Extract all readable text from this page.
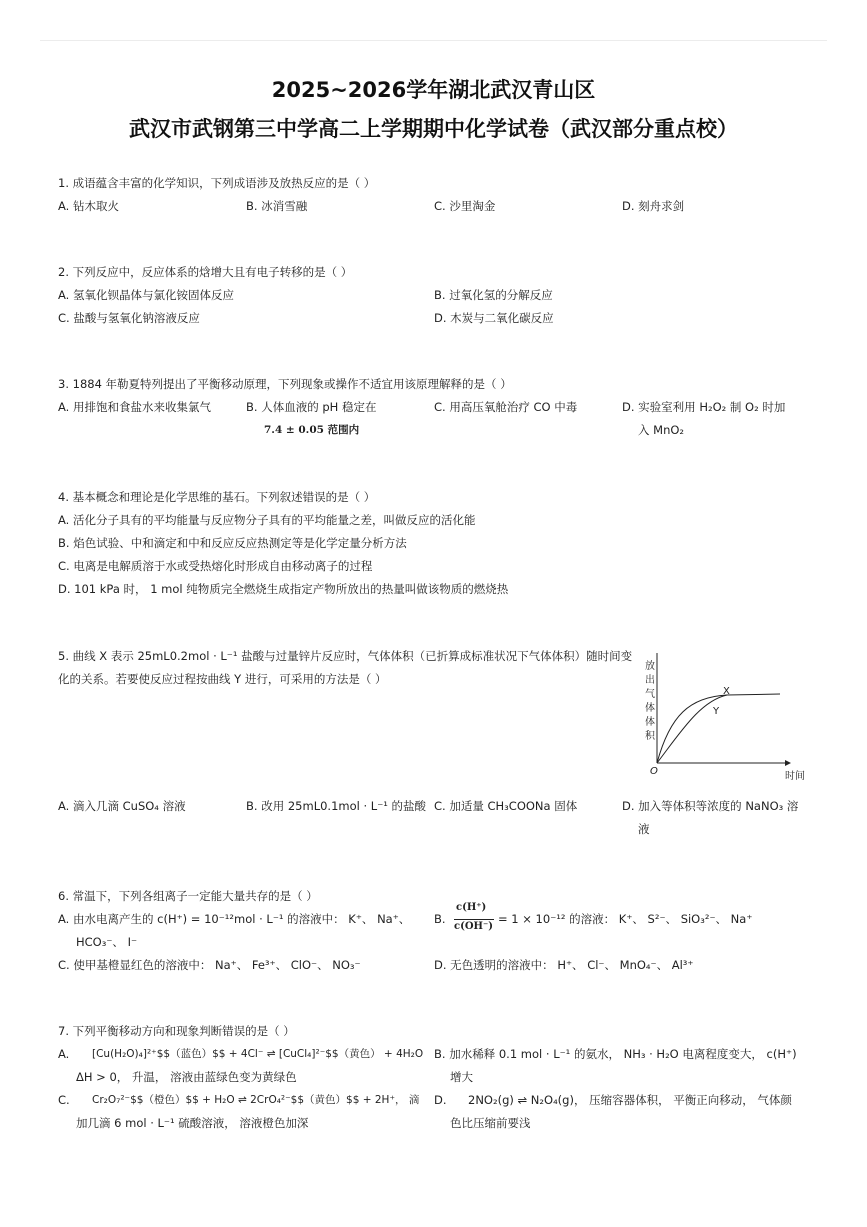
2025~2026学年湖北武汉青山区
武汉市武钢第三中学高二上学期期中化学试卷（武汉部分重点校）
1. 成语蕴含丰富的化学知识，下列成语涉及放热反应的是（ ）
A. 钻木取火	B. 冰消雪融	C. 沙里淘金	D. 刻舟求剑
2. 下列反应中，反应体系的焓增大且有电子转移的是（ ）
A. 氢氧化钡晶体与氯化铵固体反应	B. 过氧化氢的分解反应
C. 盐酸与氢氧化钠溶液反应	D. 木炭与二氧化碳反应
3. 1884 年勒夏特列提出了平衡移动原理，下列现象或操作不适宜用该原理解释的是（ ）
A. 用排饱和食盐水来收集氯气	B. 人体血液的 pH 稳定在
7.4 ± 0.05 范围内
C. 用高压氧舱治疗 CO 中毒	D. 实验室利用 H₂O₂ 制 O₂ 时加
入 MnO₂
4. 基本概念和理论是化学思维的基石。下列叙述错误的是（ ）
A. 活化分子具有的平均能量与反应物分子具有的平均能量之差，叫做反应的活化能
B. 焰色试验、中和滴定和中和反应反应热测定等是化学定量分析方法
C. 电离是电解质溶于水或受热熔化时形成自由移动离子的过程
D. 101 kPa 时， 1 mol 纯物质完全燃烧生成指定产物所放出的热量叫做该物质的燃烧热
5. 曲线 X 表示 25mL0.2mol · L⁻¹ 盐酸与过量锌片反应时，气体体积（已折算成标准状况下气体体积）随时间变
化的关系。若要使反应过程按曲线 Y 进行，可采用的方法是（ ）
放
出
气
体
体
积
O	时间
X
Y
A. 滴入几滴 CuSO₄ 溶液	B. 改用 25mL0.1mol · L⁻¹ 的盐酸 C. 加适量 CH₃COONa 固体	D. 加入等体积等浓度的 NaNO₃ 溶
液
6. 常温下，下列各组离子一定能大量共存的是（ ）
A. 由水电离产生的 c(H⁺) = 10⁻¹²mol · L⁻¹ 的溶液中： K⁺、 Na⁺、
HCO₃⁻、 I⁻
B.
c(H⁺)
c(OH⁻)
= 1 × 10⁻¹² 的溶液： K⁺、 S²⁻、 SiO₃²⁻、 Na⁺
C. 使甲基橙显红色的溶液中： Na⁺、 Fe³⁺、 ClO⁻、 NO₃⁻	D. 无色透明的溶液中： H⁺、 Cl⁻、 MnO₄⁻、 Al³⁺
7. 下列平衡移动方向和现象判断错误的是（ ）
A. [Cu(H₂O)₄]²⁺$$（蓝色）$$ + 4Cl⁻ ⇌ [CuCl₄]²⁻$$（黄色） + 4H₂O
ΔH > 0， 升温， 溶液由蓝绿色变为黄绿色
B. 加水稀释 0.1 mol · L⁻¹ 的氨水， NH₃ · H₂O 电离程度变大， c(H⁺)
增大
C. Cr₂O₇²⁻$$（橙色）$$ + H₂O ⇌ 2CrO₄²⁻$$（黄色）$$ + 2H⁺， 滴
加几滴 6 mol · L⁻¹ 硫酸溶液， 溶液橙色加深
D. 2NO₂(g) ⇌ N₂O₄(g)， 压缩容器体积， 平衡正向移动， 气体颜
色比压缩前要浅
